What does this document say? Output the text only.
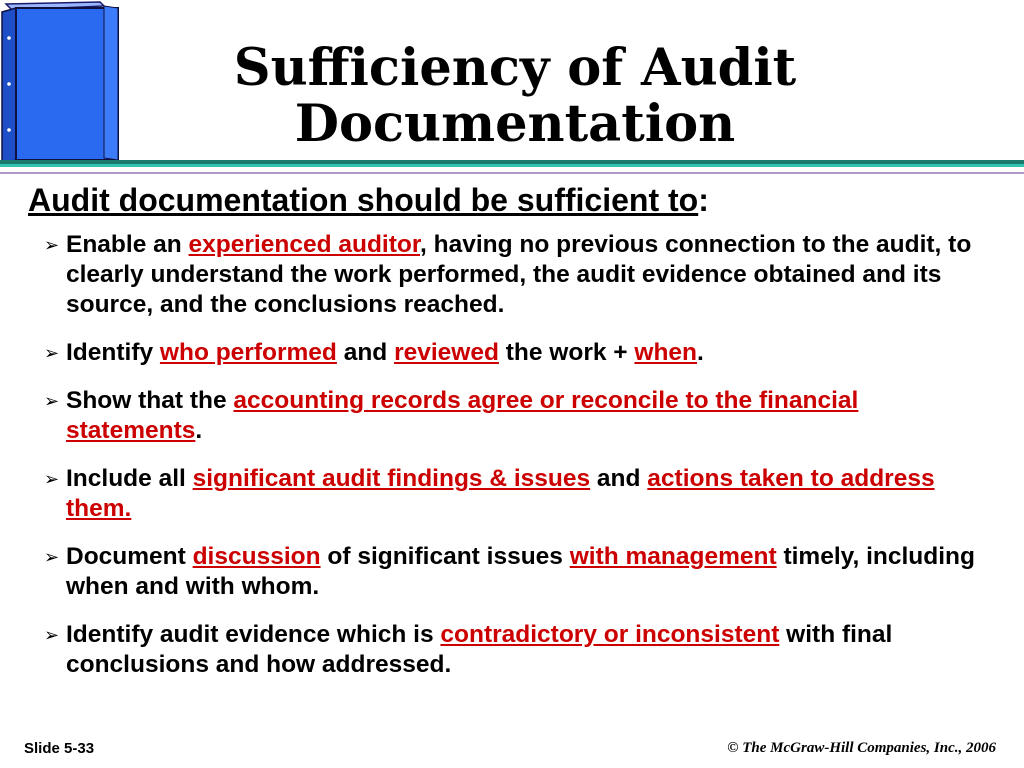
Sufficiency of Audit
Documentation
Audit documentation should be sufficient to:
➢ Enable an experienced auditor, having no previous connection to the audit, to clearly understand the work performed, the audit evidence obtained and its source, and the conclusions reached.
➢ Identify who performed and reviewed the work + when.
➢ Show that the accounting records agree or reconcile to the financial statements.
➢ Include all significant audit findings & issues and actions taken to address them.
➢ Document discussion of significant issues with management timely, including when and with whom.
➢ Identify audit evidence which is contradictory or inconsistent with final conclusions and how addressed.
Slide 5-33	© The McGraw-Hill Companies, Inc., 2006
